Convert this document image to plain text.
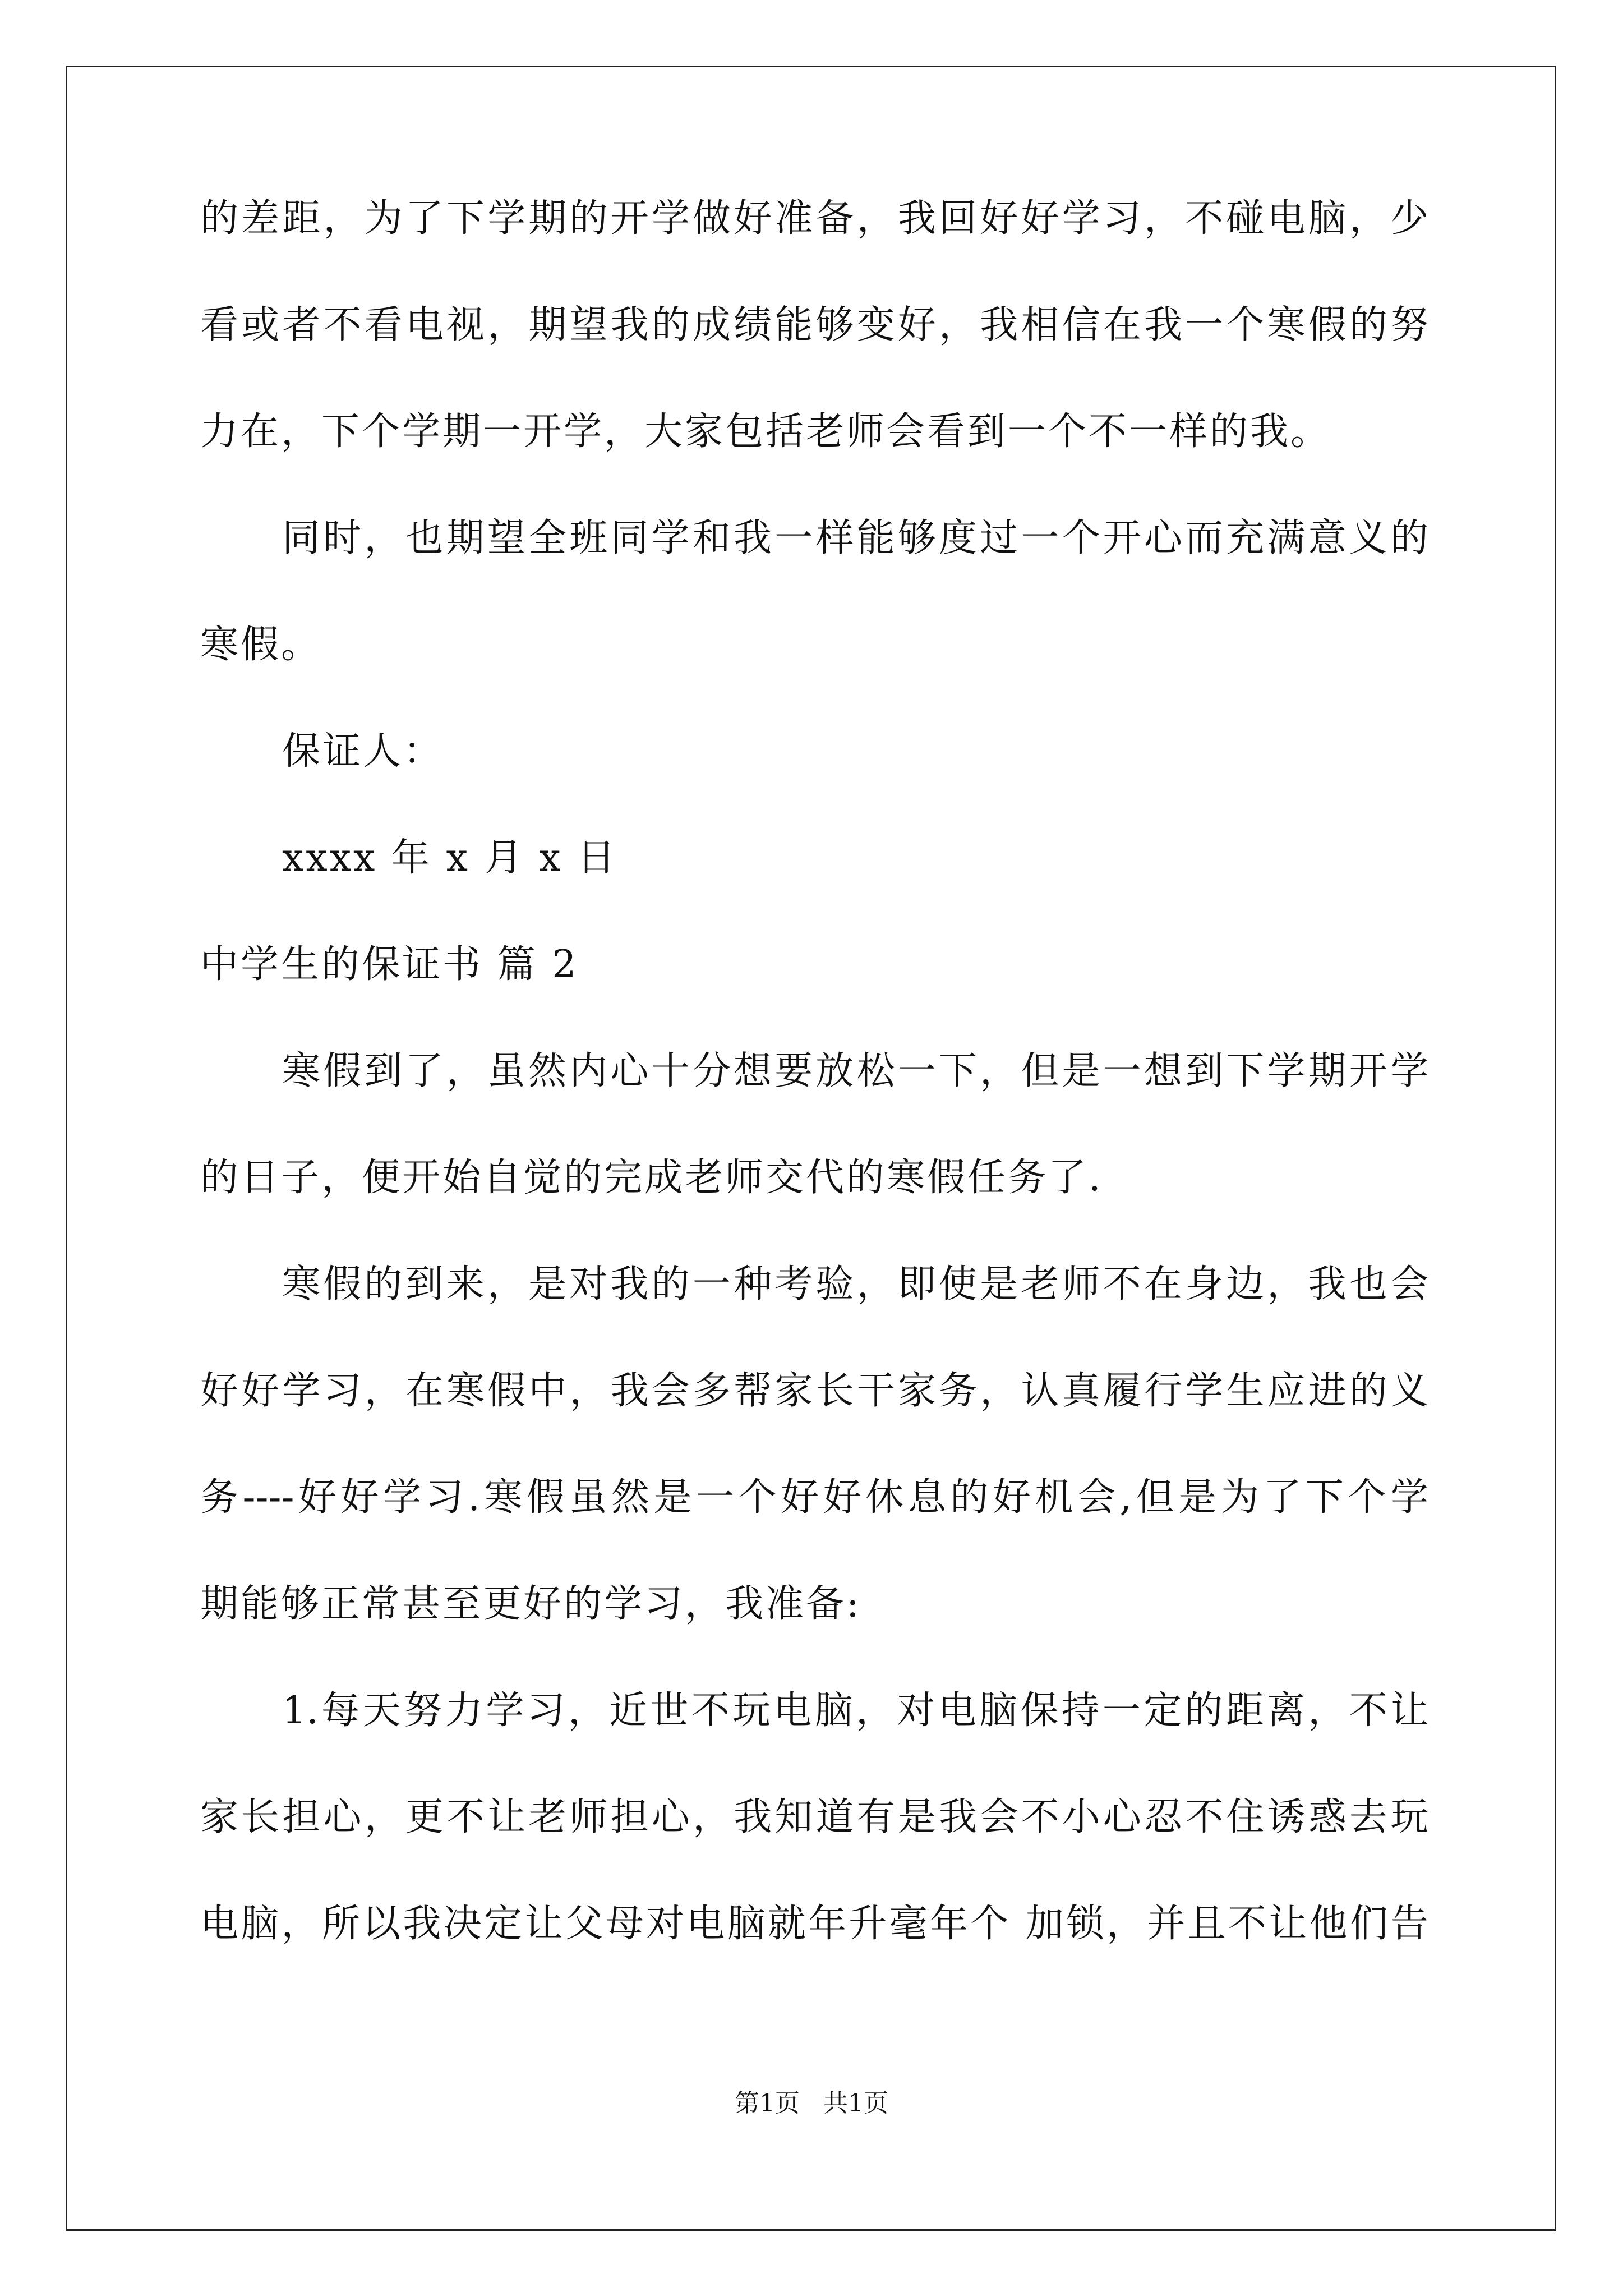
的差距，为了下学期的开学做好准备，我回好好学习，不碰电脑，少
看或者不看电视，期望我的成绩能够变好，我相信在我一个寒假的努
力在，下个学期一开学，大家包括老师会看到一个不一样的我。
同时，也期望全班同学和我一样能够度过一个开心而充满意义的
寒假。
保证人：
xxxx 年 x 月 x 日
中学生的保证书 篇 2
寒假到了，虽然内心十分想要放松一下，但是一想到下学期开学
的日子，便开始自觉的完成老师交代的寒假任务了.
寒假的到来，是对我的一种考验，即使是老师不在身边，我也会
好好学习，在寒假中，我会多帮家长干家务，认真履行学生应进的义
务----好好学习.寒假虽然是一个好好休息的好机会,但是为了下个学
期能够正常甚至更好的学习，我准备:
1.每天努力学习，近世不玩电脑，对电脑保持一定的距离，不让
家长担心，更不让老师担心，我知道有是我会不小心忍不住诱惑去玩
电脑，所以我决定让父母对电脑就年升毫年个 加锁，并且不让他们告
第1页 共1页
